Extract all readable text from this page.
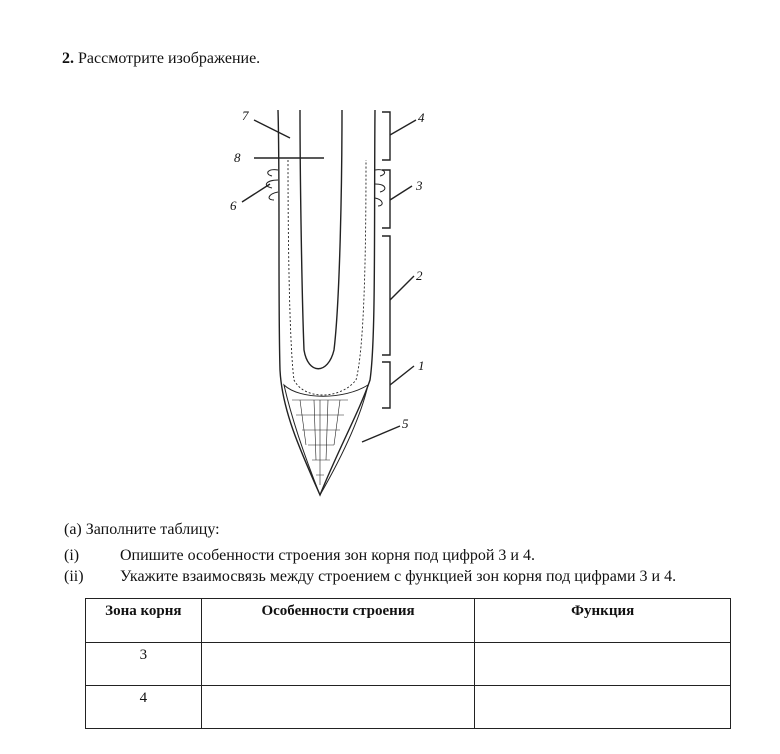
2. Рассмотрите изображение.
1
2
3
4
5
6
7
8
(а) Заполните таблицу:
(i)	Опишите особенности строения зон корня под цифрой 3 и 4.
(ii)	Укажите взаимосвязь между строением с функцией зон корня под цифрами 3 и 4.
Зона корня	Особенности строения	Функция
3		
4		
